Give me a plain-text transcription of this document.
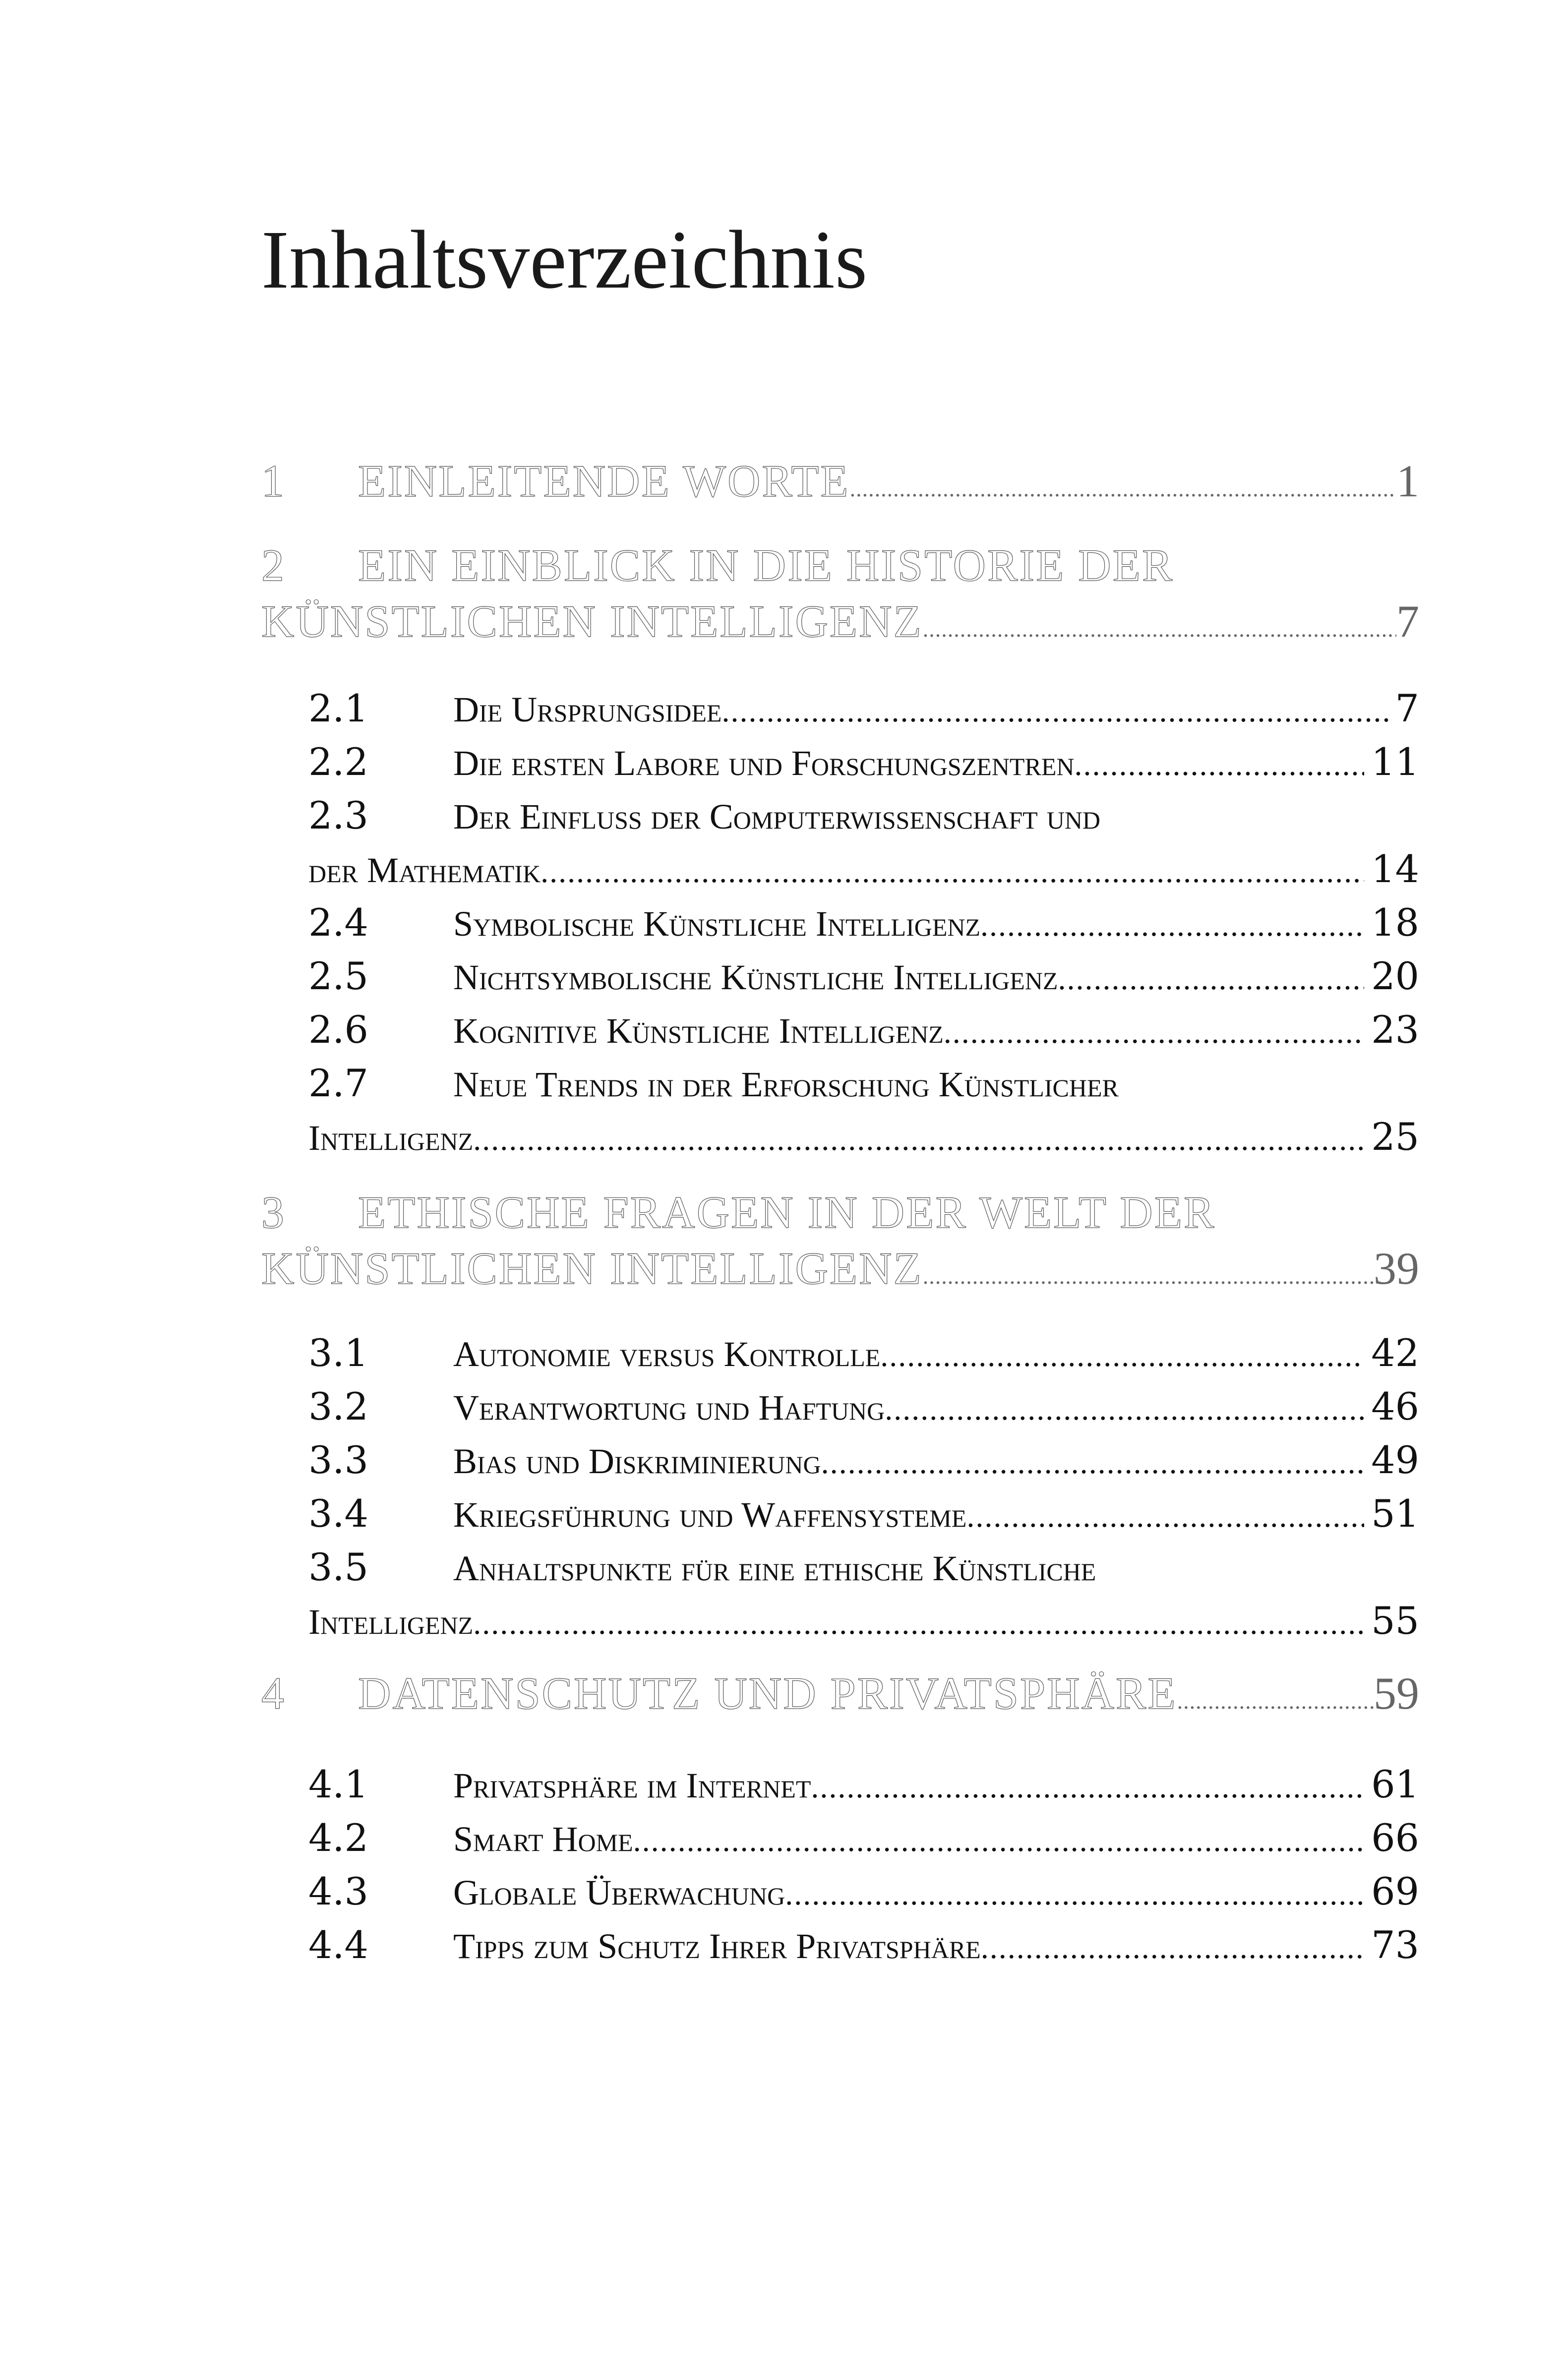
Inhaltsverzeichnis
1	EINLEITENDE WORTE .....	1
2	EIN EINBLICK IN DIE HISTORIE DER
KÜNSTLICHEN INTELLIGENZ .....	7
2.1	Die Ursprungsidee .....	7
2.2	Die ersten Labore und Forschungszentren .....	11
2.3	Der Einfluss der Computerwissenschaft und
der Mathematik .....	14
2.4	Symbolische Künstliche Intelligenz .....	18
2.5	Nichtsymbolische Künstliche Intelligenz .....	20
2.6	Kognitive Künstliche Intelligenz .....	23
2.7	Neue Trends in der Erforschung Künstlicher
Intelligenz .....	25
3	ETHISCHE FRAGEN IN DER WELT DER
KÜNSTLICHEN INTELLIGENZ .....	39
3.1	Autonomie versus Kontrolle .....	42
3.2	Verantwortung und Haftung .....	46
3.3	Bias und Diskriminierung .....	49
3.4	Kriegsführung und Waffensysteme .....	51
3.5	Anhaltspunkte für eine ethische Künstliche
Intelligenz .....	55
4	DATENSCHUTZ UND PRIVATSPHÄRE .....	59
4.1	Privatsphäre im Internet .....	61
4.2	Smart Home .....	66
4.3	Globale Überwachung .....	69
4.4	Tipps zum Schutz Ihrer Privatsphäre .....	73
